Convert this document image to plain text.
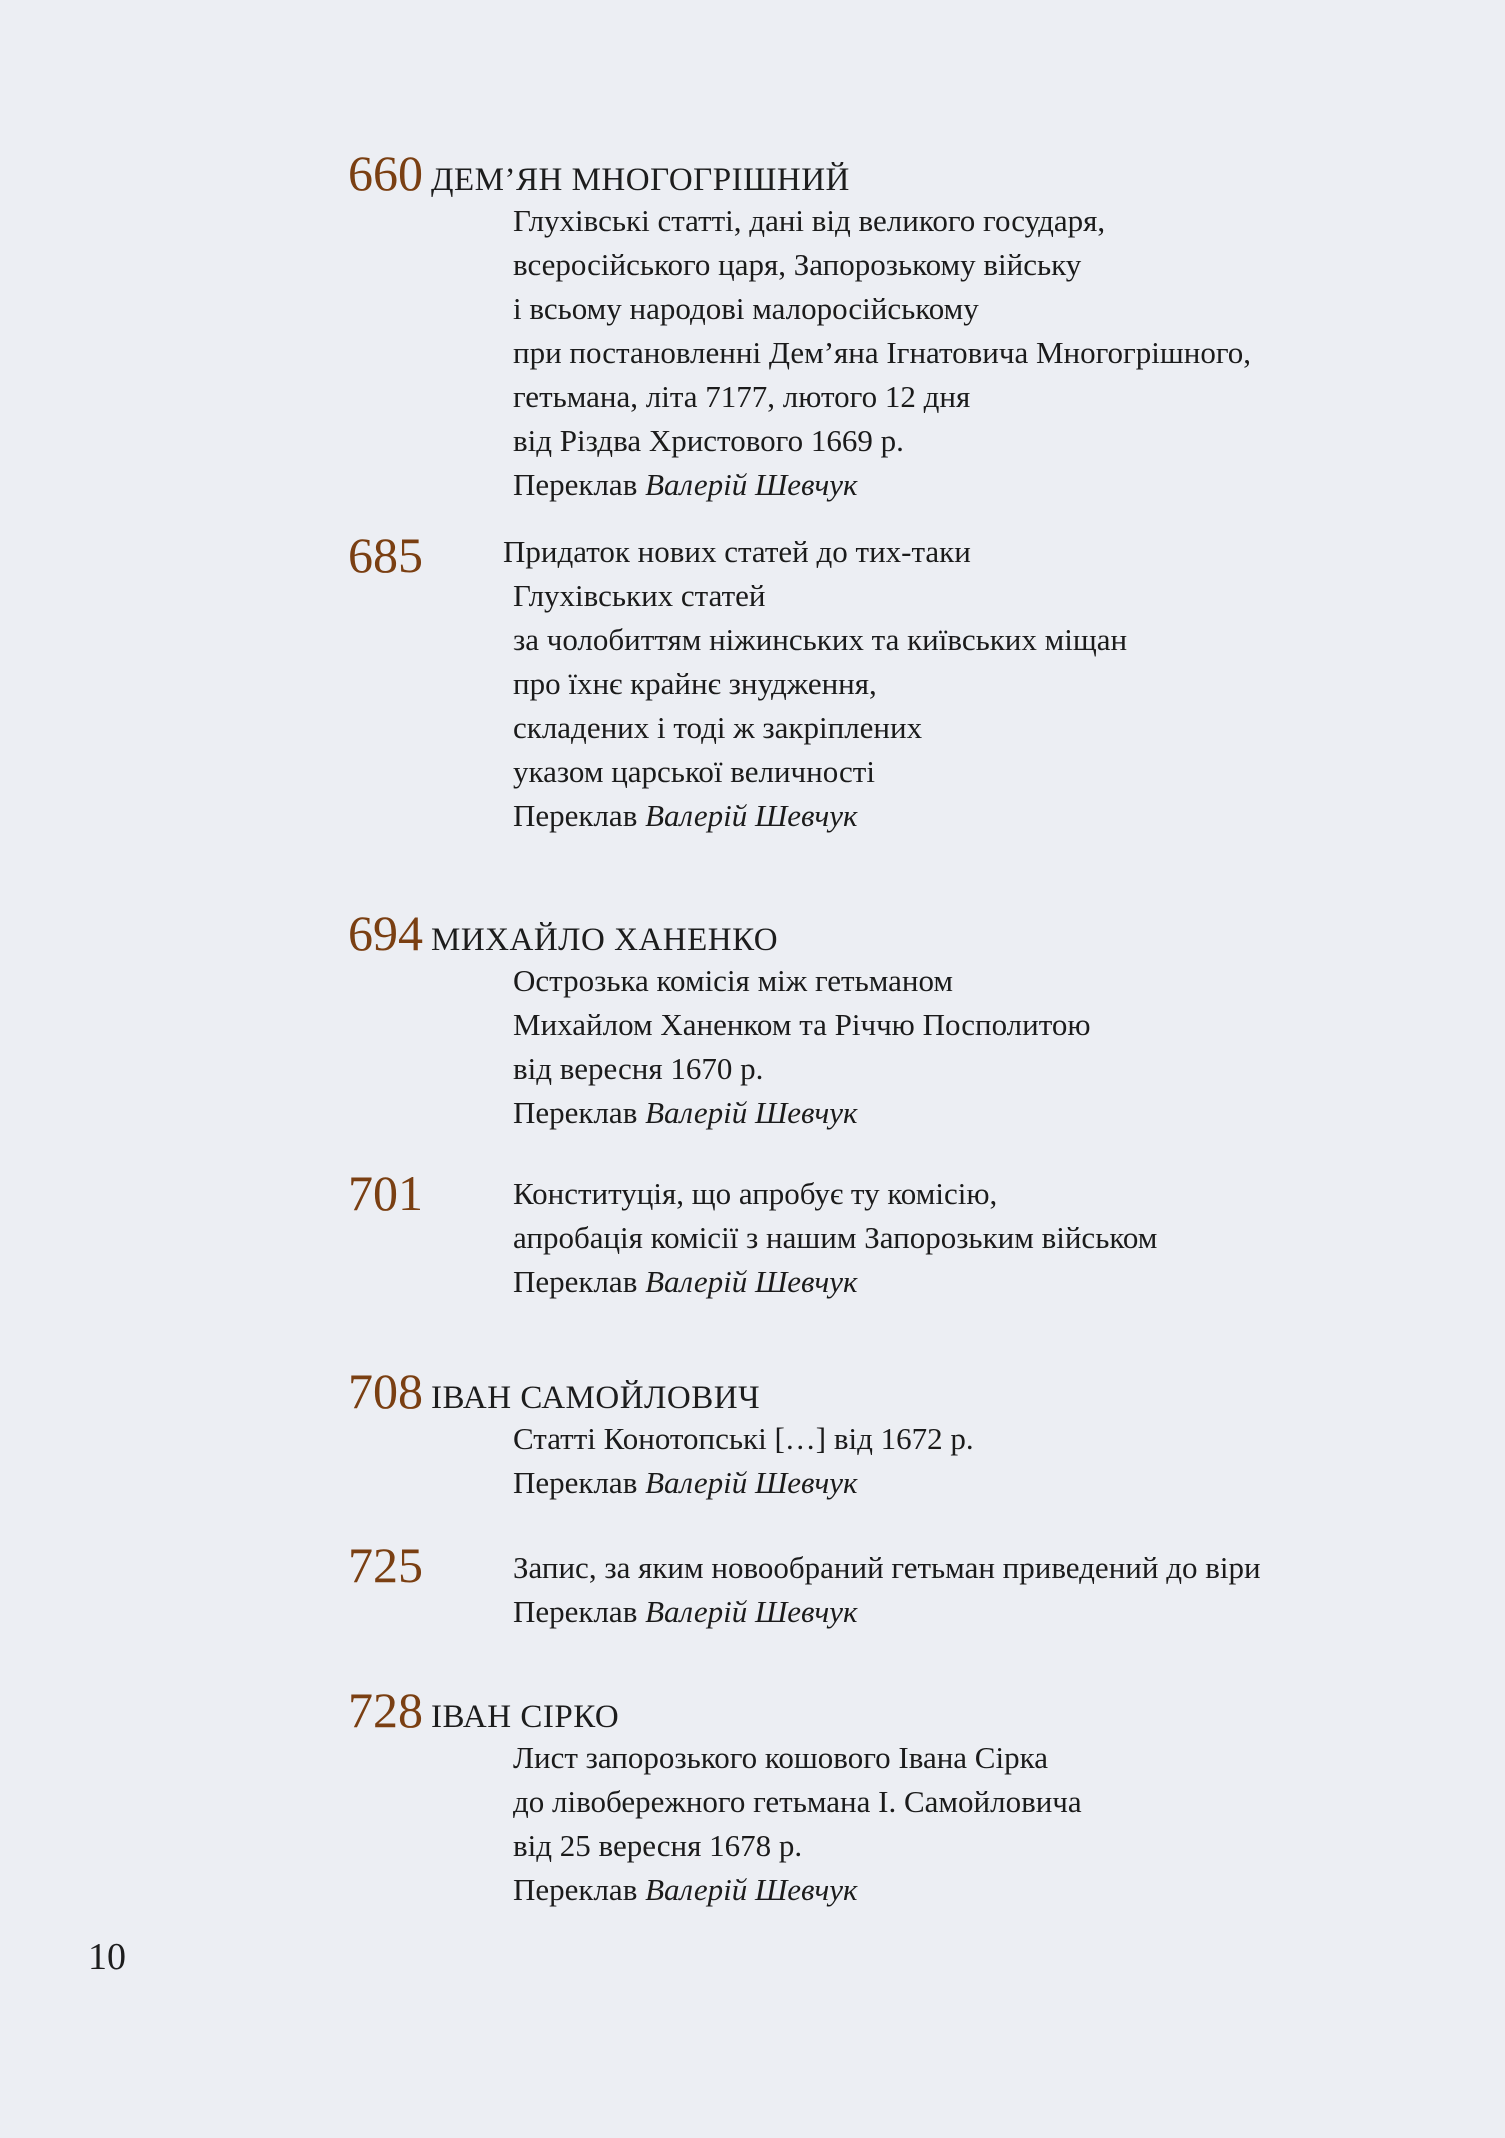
660 ДЕМ’ЯН МНОГОГРІШНИЙ
Глухівські статті, дані від великого государя,
всеросійського царя, Запорозькому війську
і всьому народові малоросійському
при постановленні Дем’яна Ігнатовича Многогрішного,
гетьмана, літа 7177, лютого 12 дня
від Різдва Христового 1669 р.
Переклав Валерій Шевчук
685	Придаток нових статей до тих-таки
Глухівських статей
за чолобиттям ніжинських та київських міщан
про їхнє крайнє знудження,
складених і тоді ж закріплених
указом царської величності
Переклав Валерій Шевчук
694 МИХАЙЛО ХАНЕНКО
Острозька комісія між гетьманом
Михайлом Ханенком та Річчю Посполитою
від вересня 1670 р.
Переклав Валерій Шевчук
701	Конституція, що апробує ту комісію,
апробація комісії з нашим Запорозьким військом
Переклав Валерій Шевчук
708 ІВАН САМОЙЛОВИЧ
Статті Конотопські […] від 1672 р.
Переклав Валерій Шевчук
725	Запис, за яким новообраний гетьман приведений до віри
Переклав Валерій Шевчук
728 ІВАН СІРКО
Лист запорозького кошового Івана Сірка
до лівобережного гетьмана І. Самойловича
від 25 вересня 1678 р.
Переклав Валерій Шевчук
10
